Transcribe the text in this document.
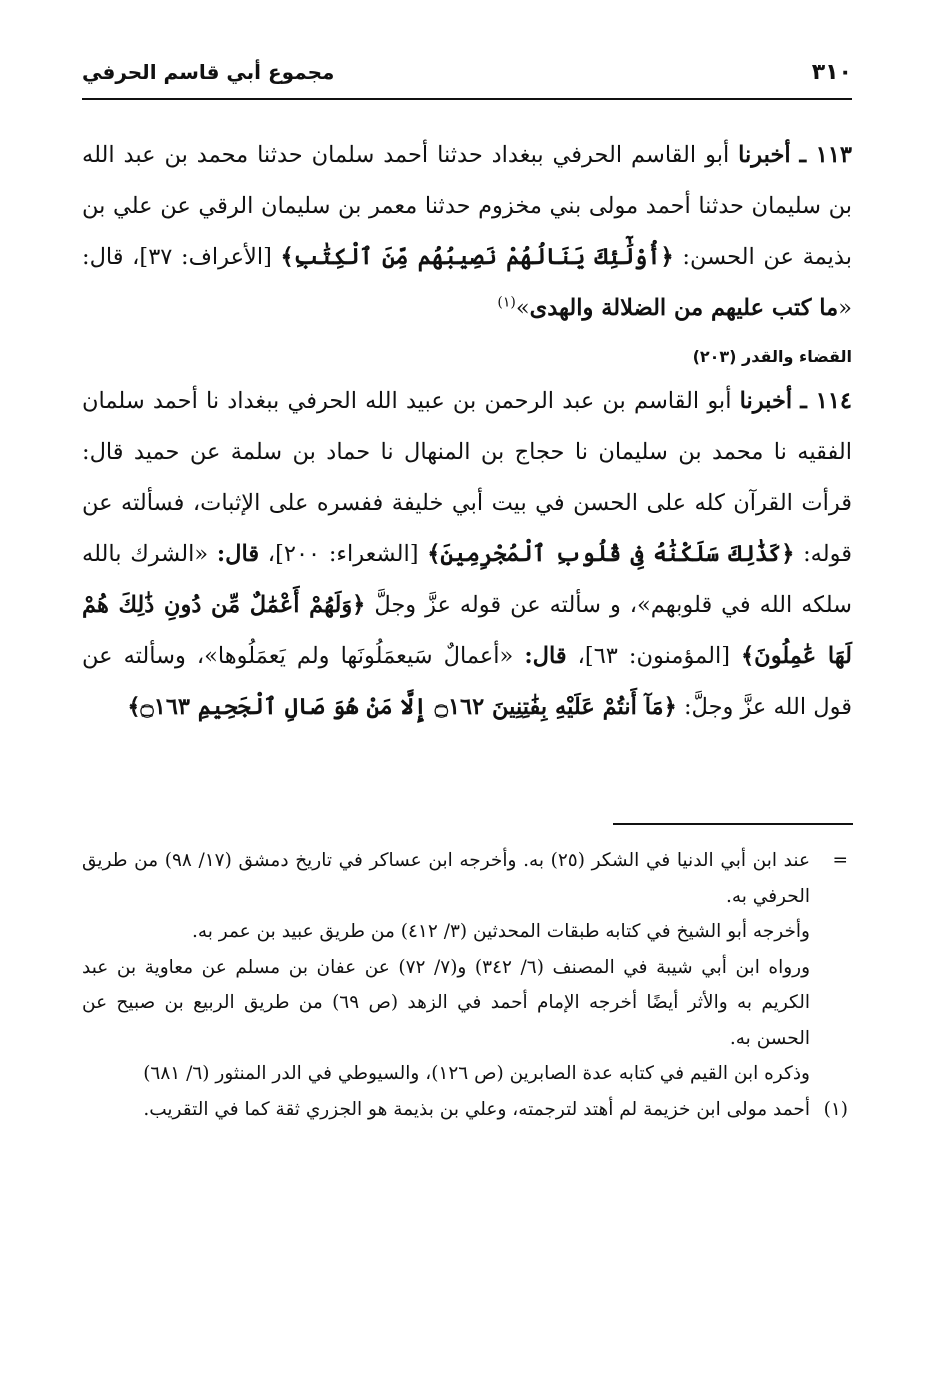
٣١٠
مجموع أبي قاسم الحرفي

١١٣ ـ أخبرنا أبو القاسم الحرفي ببغداد حدثنا أحمد سلمان حدثنا محمد بن عبد الله بن سليمان حدثنا أحمد مولى بني مخزوم حدثنا معمر بن سليمان الرقي عن علي بن بذيمة عن الحسن: ﴿أُوْلَٰٓئِكَ يَنَالُهُمْ نَصِيبُهُم مِّنَ ٱلْكِتَٰبِ﴾ [الأعراف: ٣٧]، قال: «ما كتب عليهم من الضلالة والهدى»$^{(١)}$

القضاء والقدر (٢٠٣)

١١٤ ـ أخبرنا أبو القاسم بن عبد الرحمن بن عبيد الله الحرفي ببغداد نا أحمد سلمان الفقيه نا محمد بن سليمان نا حجاج بن المنهال نا حماد بن سلمة عن حميد قال: قرأت القرآن كله على الحسن في بيت أبي خليفة ففسره على الإثبات، فسألته عن قوله: ﴿كَذَٰلِكَ سَلَكْنَٰهُ فِى قُلُوبِ ٱلْمُجْرِمِينَ﴾ [الشعراء: ٢٠٠]، قال: «الشرك بالله سلكه الله في قلوبهم»، و سألته عن قوله عزَّ وجلَّ ﴿وَلَهُمْ أَعْمَٰلٌ مِّن دُونِ ذَٰلِكَ هُمْ لَهَا عَٰمِلُونَ﴾ [المؤمنون: ٦٣]، قال: «أعمالٌ سَيعمَلُونَها ولم يَعمَلُوها»، وسألته عن قول الله عزَّ وجلَّ: ﴿مَآ أَنتُمْ عَلَيْهِ بِفَٰتِنِينَ ۝١٦٢ إِلَّا مَنْ هُوَ صَالِ ٱلْجَحِيمِ ۝١٦٣﴾

=
عند ابن أبي الدنيا في الشكر (٢٥) به. وأخرجه ابن عساكر في تاريخ دمشق (١٧/ ٩٨) من طريق الحرفي به.

وأخرجه أبو الشيخ في كتابه طبقات المحدثين (٣/ ٤١٢) من طريق عبيد بن عمر به.

ورواه ابن أبي شيبة في المصنف (٦/ ٣٤٢) و(٧/ ٧٢) عن عفان بن مسلم عن معاوية بن عبد الكريم به والأثر أيضًا أخرجه الإمام أحمد في الزهد (ص ٦٩) من طريق الربيع بن صبيح عن الحسن به.

وذكره ابن القيم في كتابه عدة الصابرين (ص ١٢٦)، والسيوطي في الدر المنثور (٦/ ٦٨١)

(١)
أحمد مولى ابن خزيمة لم أهتد لترجمته، وعلي بن بذيمة هو الجزري ثقة كما في التقريب.
